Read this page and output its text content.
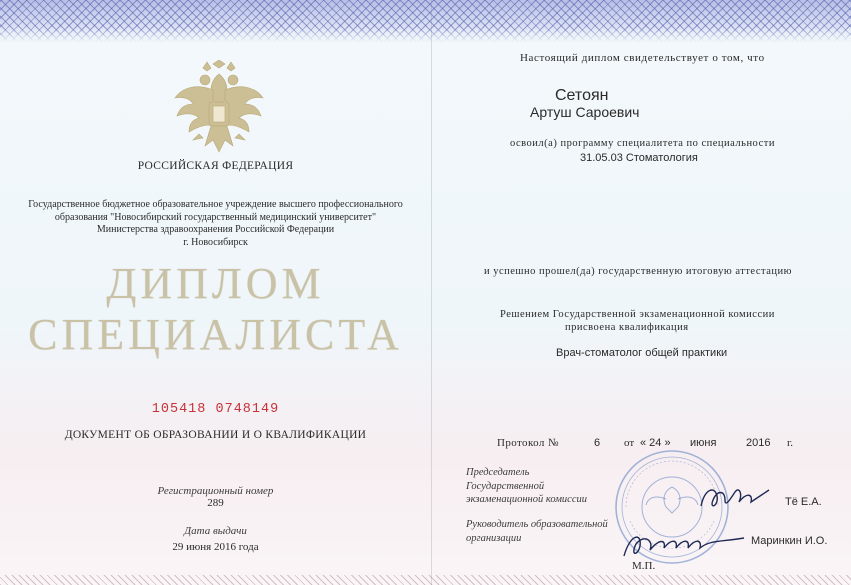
РОССИЙСКАЯ ФЕДЕРАЦИЯ
Государственное бюджетное образовательное учреждение высшего профессионального
образования "Новосибирский государственный медицинский университет"
Министерства здравоохранения Российской Федерации
г. Новосибирск
ДИПЛОМ
СПЕЦИАЛИСТА
105418 0748149
ДОКУМЕНТ ОБ ОБРАЗОВАНИИ И О КВАЛИФИКАЦИИ
Регистрационный номер
289
Дата выдачи
29 июня 2016 года
Настоящий диплом свидетельствует о том, что
Сетоян
Артуш Сароевич
освоил(а) программу специалитета по специальности
31.05.03 Стоматология
и успешно прошел(да) государственную итоговую аттестацию
Решением Государственной экзаменационной комиссии
присвоена квалификация
Врач-стоматолог общей практики
Протокол №	6 от « 24 » июня	2016 г.
Председатель
Государственной
экзаменационной комиссии	Тё Е.А.
Руководитель образовательной
организации	Маринкин И.О.
М.П.
